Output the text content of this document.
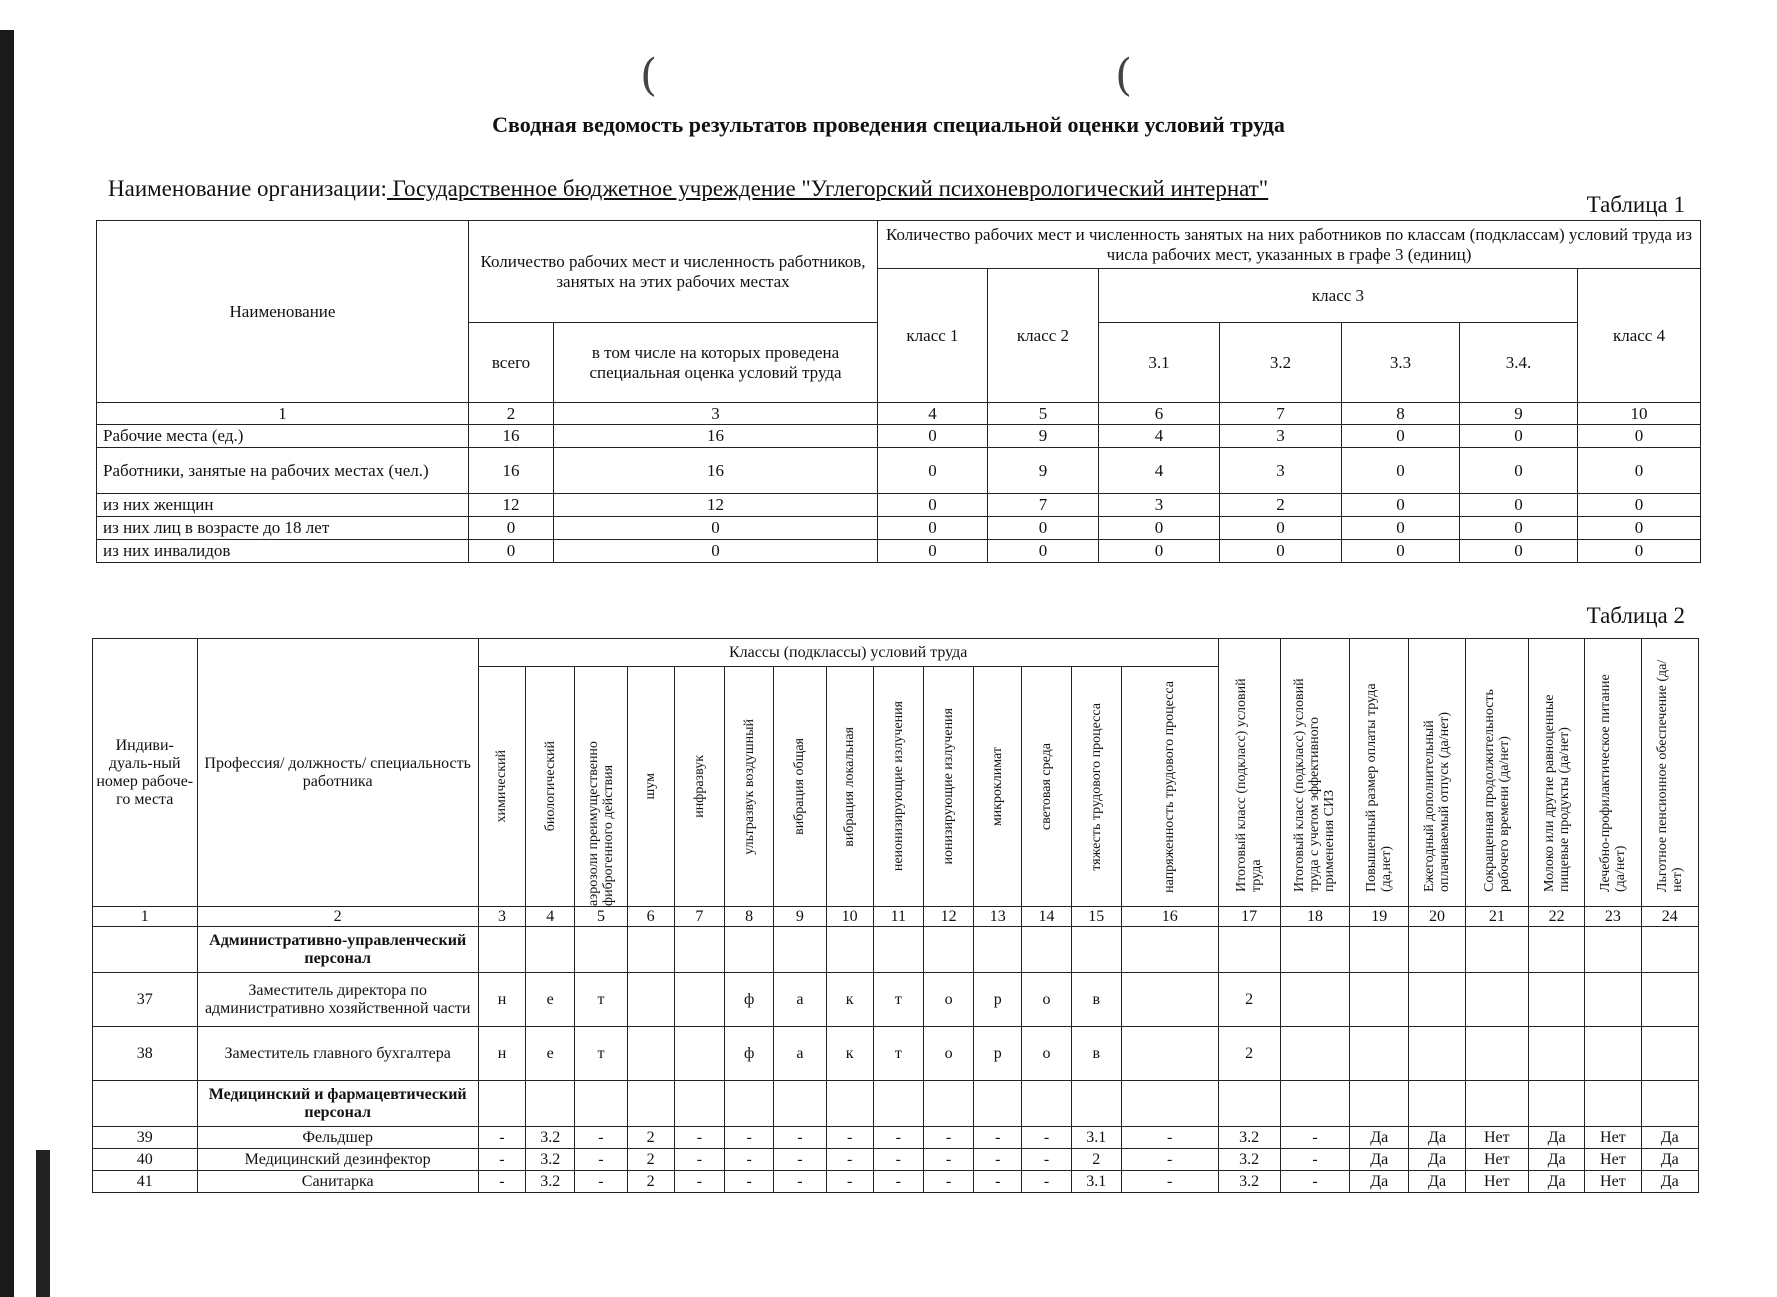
(	(
Сводная ведомость результатов проведения специальной оценки условий труда
Наименование организации: Государственное бюджетное учреждение "Углегорский психоневрологический интернат"
Таблица 1
Наименование	Количество рабочих мест и численность работников, занятых на этих рабочих местах		Количество рабочих мест и численность занятых на них работников по классам (подклассам) условий труда из числа рабочих мест, указанных в графе 3 (единиц)						
			класс 1	класс 2	класс 3				класс 4
	всего	в том числе на которых проведена специальная оценка условий труда			3.1	3.2	3.3	3.4.	
1	2	3	4	5	6	7	8	9	10
Рабочие места (ед.)	16	16	0	9	4	3	0	0	0
Работники, занятые на рабочих местах (чел.)	16	16	0	9	4	3	0	0	0
из них женщин	12	12	0	7	3	2	0	0	0
из них лиц в возрасте до 18 лет	0	0	0	0	0	0	0	0	0
из них инвалидов	0	0	0	0	0	0	0	0	0
Таблица 2
Индиви-дуаль-ный номер рабоче-го места	Профессия/ должность/ специальность работника	Классы (подклассы) условий труда														Итоговый класс (подкласс) условий труда	Итоговый класс (подкласс) условий труда с учетом эффективного применения СИЗ	Повышенный размер оплаты труда (да,нет)	Ежегодный дополнительный оплачиваемый отпуск (да/нет)	Сокращенная продолжительность рабочего времени (да/нет)	Молоко или другие равноценные пищевые продукты (да/нет)	Лечебно-профилактическое питание (да/нет)	Льготное пенсионное обеспечение (да/нет)

		химический	биологический	аэрозоли преимущественно фиброгенного действия	шум	инфразвук	ультразвук воздушный	вибрация общая	вибрация локальная	неионизирующие излучения	ионизирующие излучения	микроклимат	световая среда	тяжесть трудового процесса	напряженность трудового процесса								

1	2	3	4	5	6	7	8	9	10	11	12	13	14	15	16	17	18	19	20	21	22	23	24
	Административно-управленческий персонал																						
37	Заместитель директора по административно хозяйственной части	н	е	т			ф	а	к	т	о	р	о	в		2							
38	Заместитель главного бухгалтера	н	е	т			ф	а	к	т	о	р	о	в		2							
	Медицинский и фармацевтический персонал																						
39	Фельдшер	-	3.2	-	2	-	-	-	-	-	-	-	-	3.1	-	3.2	-	Да	Да	Нет	Да	Нет	Да
40	Медицинский дезинфектор	-	3.2	-	2	-	-	-	-	-	-	-	-	2	-	3.2	-	Да	Да	Нет	Да	Нет	Да
41	Санитарка	-	3.2	-	2	-	-	-	-	-	-	-	-	3.1	-	3.2	-	Да	Да	Нет	Да	Нет	Да
